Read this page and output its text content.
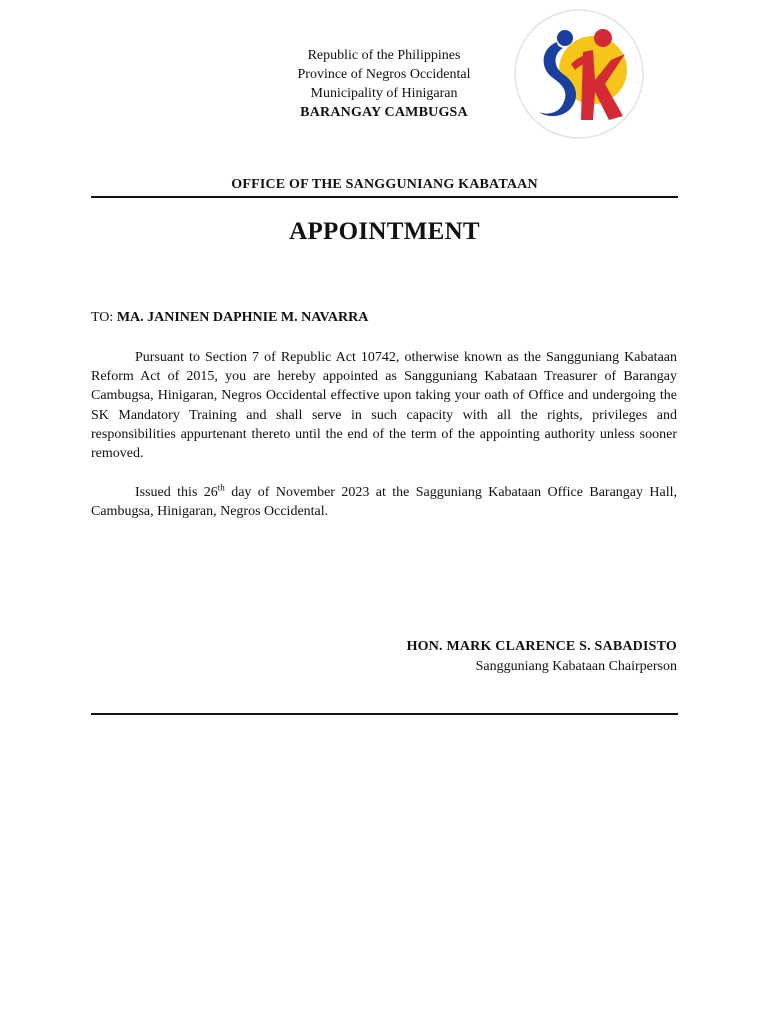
Republic of the Philippines
Province of Negros Occidental
Municipality of Hinigaran
BARANGAY CAMBUGSA
OFFICE OF THE SANGGUNIANG KABATAAN
APPOINTMENT
TO: MA. JANINEN DAPHNIE M. NAVARRA

Pursuant to Section 7 of Republic Act 10742, otherwise known as the Sangguniang Kabataan Reform Act of 2015, you are hereby appointed as Sangguniang Kabataan Treasurer of Barangay Cambugsa, Hinigaran, Negros Occidental effective upon taking your oath of Office and undergoing the SK Mandatory Training and shall serve in such capacity with all the rights, privileges and responsibilities appurtenant thereto until the end of the term of the appointing authority unless sooner removed.

Issued this 26th day of November 2023 at the Sagguniang Kabataan Office Barangay Hall, Cambugsa, Hinigaran, Negros Occidental.

HON. MARK CLARENCE S. SABADISTO
Sangguniang Kabataan Chairperson
